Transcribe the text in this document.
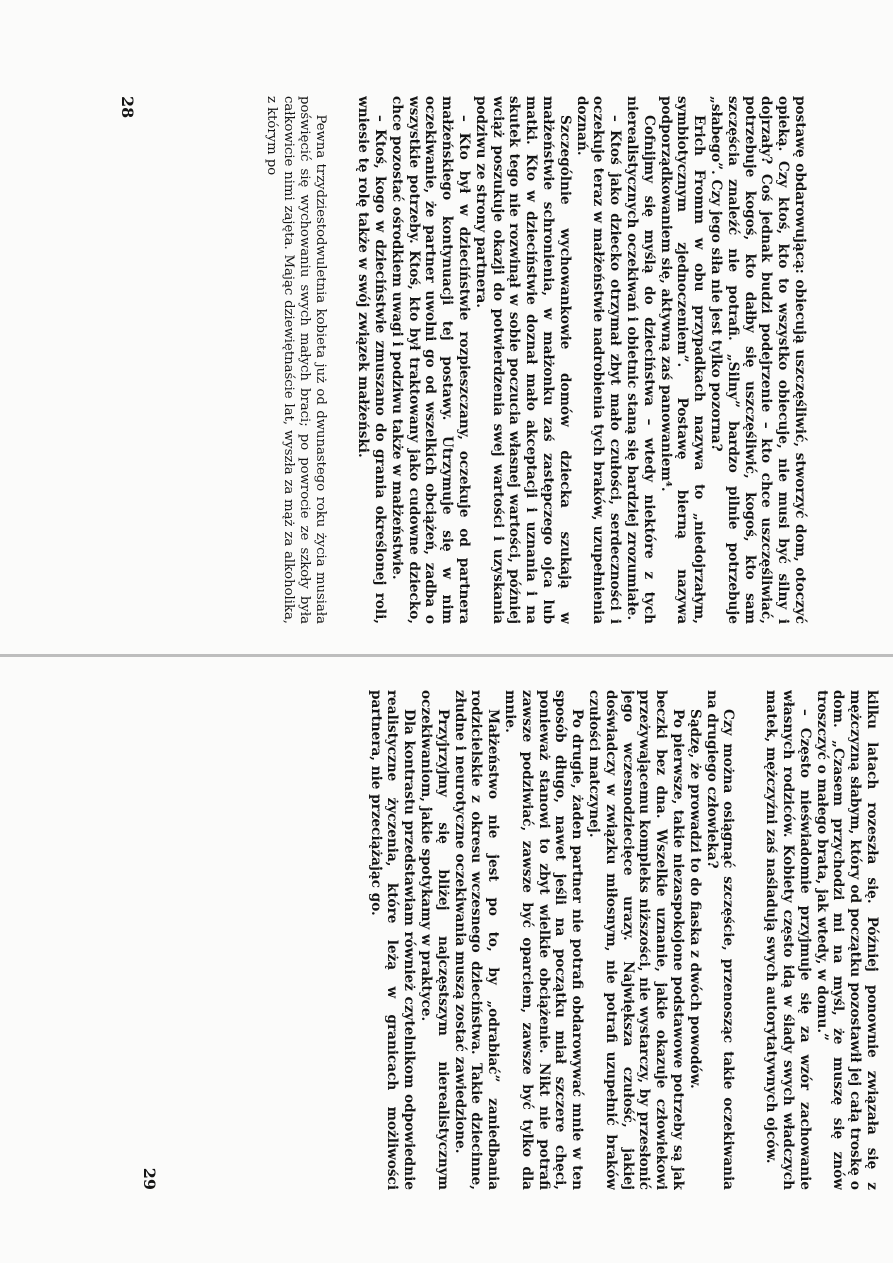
postawę obdarowującą: obiecują uszczęśliwić, stworzyć dom, otoczyć opieką. Czy ktoś, kto to wszystko obiecuje, nie musi być silny i dojrzały? Coś jednak budzi podejrzenie – kto chce uszczęśliwiać, potrzebuje kogoś, kto dałby się uszczęśliwić, kogoś, kto sam szczęścia znaleźć nie potrafi. „Silny” bardzo pilnie potrzebuje „słabego”. Czy jego siła nie jest tylko pozorna?

Erich Fromm w obu przypadkach nazywa to „niedojrzałym, symbiotycznym zjednoczeniem”. Postawę bierną nazywa podporządkowaniem się, aktywną zaś panowaniem⁴.

Cofnijmy się myślą do dzieciństwa – wtedy niektóre z tych nierealistycznych oczekiwań i obietnic staną się bardziej zrozumiałe.

– Ktoś jako dziecko otrzymał zbyt mało czułości, serdeczności i oczekuje teraz w małżeństwie nadrobienia tych braków, uzupełnienia doznań.

Szczególnie wychowankowie domów dziecka szukają w małżeństwie schronienia, w małżonku zaś zastępczego ojca lub matki. Kto w dzieciństwie doznał mało akceptacji i uznania i na skutek tego nie rozwinął w sobie poczucia własnej wartości, później wciąż poszukuje okazji do potwierdzenia swej wartości i uzyskania podziwu ze strony partnera.

– Kto był w dzieciństwie rozpieszczany, oczekuje od partnera małżeńskiego kontynuacji tej postawy. Utrzymuje się w nim oczekiwanie, że partner uwolni go od wszelkich obciążeń, zadba o wszystkie potrzeby. Ktoś, kto był traktowany jako cudowne dziecko, chce pozostać ośrodkiem uwagi i podziwu także w małżeństwie.

– Ktoś, kogo w dzieciństwie zmuszano do grania określonej roli, wniesie tę rolę także w swój związek małżeński.

Pewna trzydziestodwuletnia kobieta już od dwunastego roku życia musiała poświęcić się wychowaniu swych małych braci; po powrocie ze szkoły była całkowicie nimi zajęta. Mając dziewiętnaście lat, wyszła za mąż za alkoholika, z którym po

28

kilku latach rozeszła się. Później ponownie związała się z mężczyzną słabym, który od początku pozostawił jej całą troskę o dom. „Czasem przychodzi mi na myśl, że muszę się znów troszczyć o małego brata, jak wtedy, w domu.”

– Często nieświadomie przyjmuje się za wzór zachowanie własnych rodziców. Kobiety często idą w ślady swych władczych matek, mężczyźni zaś naśladują swych autorytatywnych ojców.

Czy można osiągnąć szczęście, przenosząc takie oczekiwania na drugiego człowieka?

Sądzę, że prowadzi to do fiaska z dwóch powodów.

Po pierwsze, takie niezaspokojone podstawowe potrzeby są jak beczki bez dna. Wszelkie uznanie, jakie okazuje człowiekowi przeżywającemu kompleks niższości, nie wystarczy, by przesłonić jego wczesnodziecięce urazy. Największa czułość, jakiej doświadczy w związku miłosnym, nie potrafi uzupełnić braków czułości matczynej.

Po drugie, żaden partner nie potrafi obdarowywać mnie w ten sposób długo, nawet jeśli na początku miał szczere chęci, ponieważ stanowi to zbyt wielkie obciążenie. Nikt nie potrafi zawsze podziwiać, zawsze być oparciem, zawsze być tylko dla mnie.

Małżeństwo nie jest po to, by „odrabiać” zaniedbania rodzicielskie z okresu wczesnego dzieciństwa. Takie dziecinne, złudne i neurotyczne oczekiwania muszą zostać zawiedzione.

Przyjrzyjmy się bliżej najczęstszym nierealistycznym oczekiwaniom, jakie spotykamy w praktyce.

Dla kontrastu przedstawiam również czytelnikom odpowiednie realistyczne życzenia, które leżą w granicach możliwości partnera, nie przeciążając go.

29
